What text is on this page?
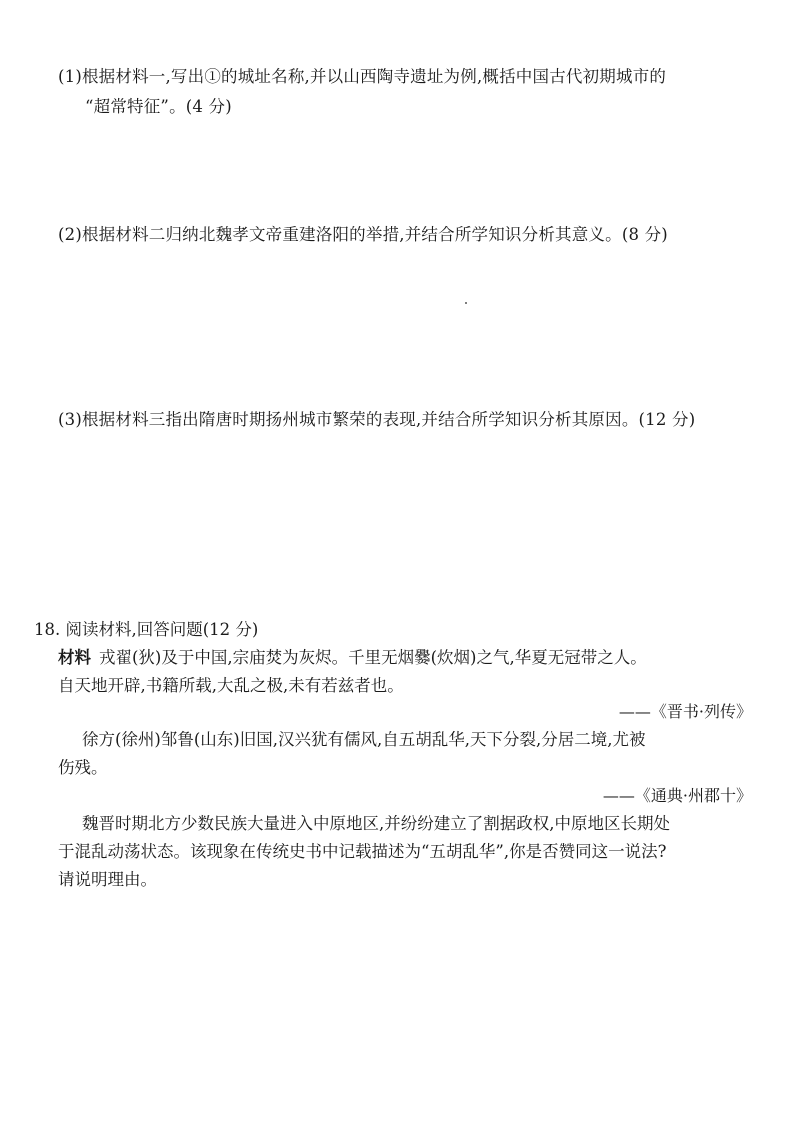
(1)根据材料一,写出①的城址名称,并以山西陶寺遗址为例,概括中国古代初期城市的
“超常特征”。(4 分)
(2)根据材料二归纳北魏孝文帝重建洛阳的举措,并结合所学知识分析其意义。(8 分)
(3)根据材料三指出隋唐时期扬州城市繁荣的表现,并结合所学知识分析其原因。(12 分)
18. 阅读材料,回答问题(12 分)
材料 戎翟(狄)及于中国,宗庙焚为灰烬。千里无烟爨(炊烟)之气,华夏无冠带之人。
自天地开辟,书籍所载,大乱之极,未有若兹者也。
——《晋书·列传》
徐方(徐州)邹鲁(山东)旧国,汉兴犹有儒风,自五胡乱华,天下分裂,分居二境,尤被
伤残。
——《通典·州郡十》
魏晋时期北方少数民族大量进入中原地区,并纷纷建立了割据政权,中原地区长期处
于混乱动荡状态。该现象在传统史书中记载描述为“五胡乱华”,你是否赞同这一说法?
请说明理由。
